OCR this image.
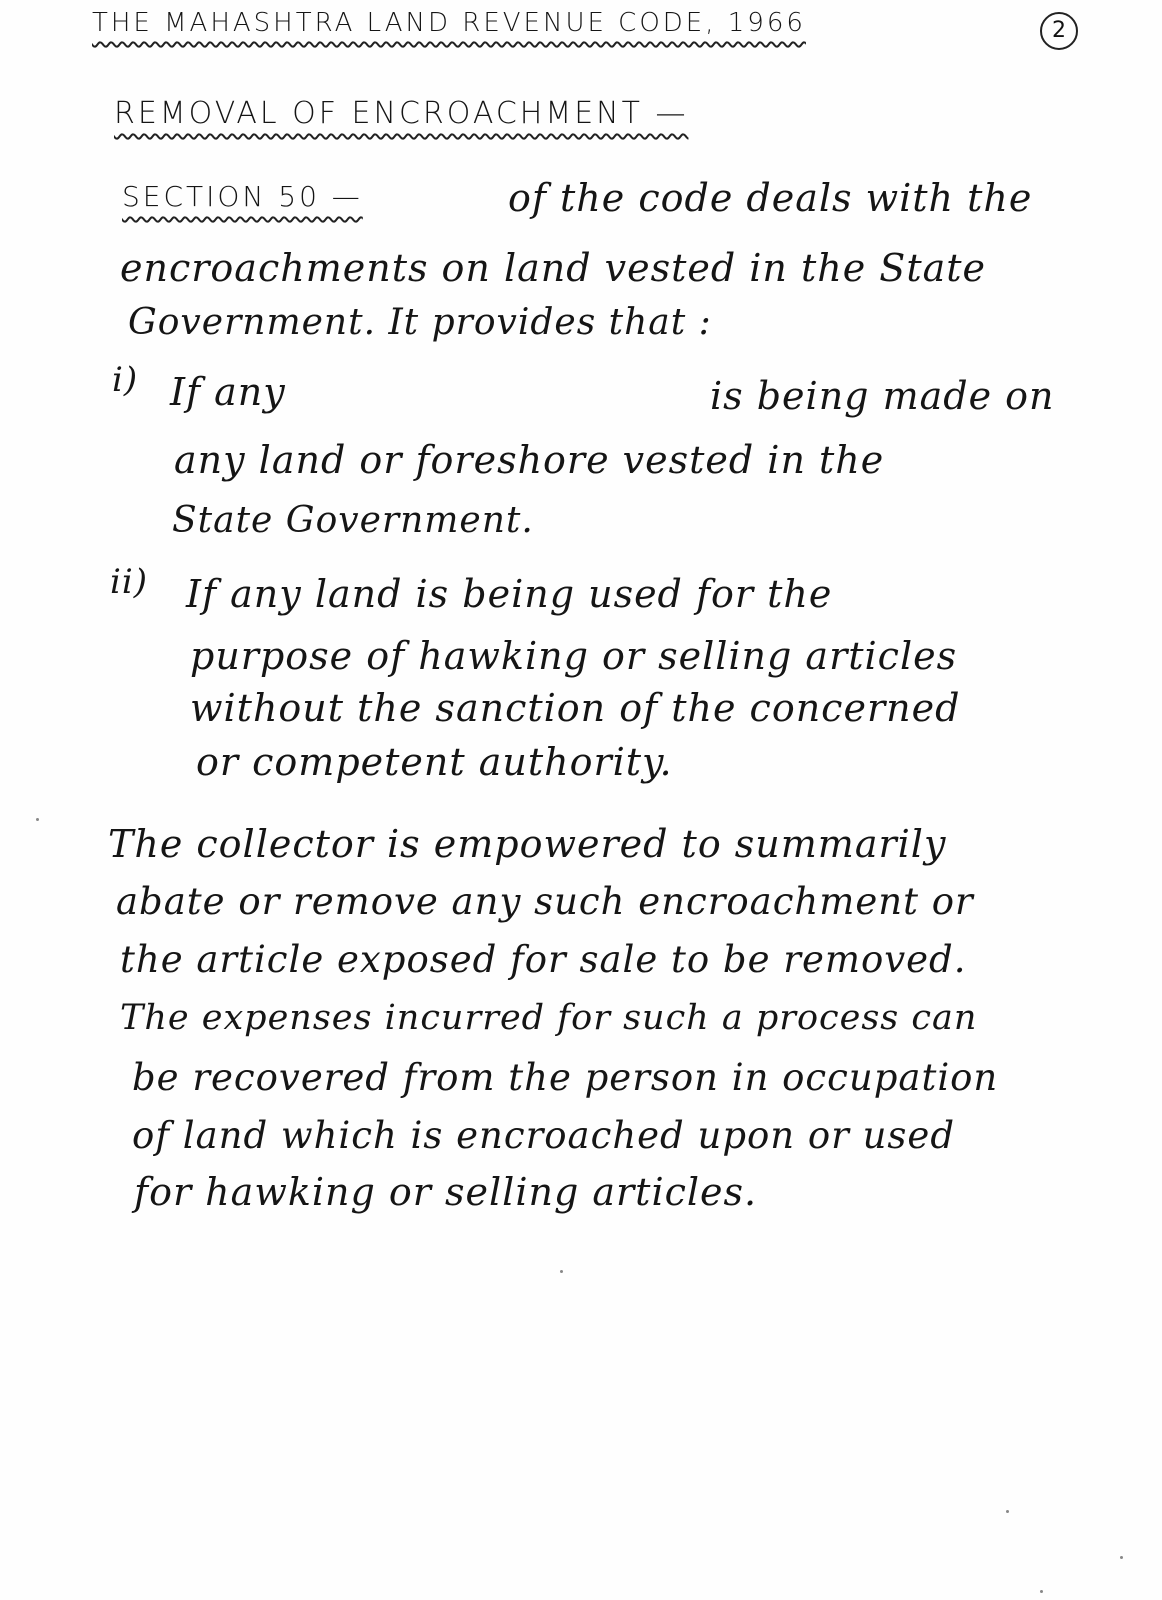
THE MAHASHTRA LAND REVENUE CODE, 1966	2
REMOVAL OF ENCROACHMENT —
SECTION 50 —	of the code deals with the
encroachments on land vested in the State
Government. It provides that :
i) If any	is being made on
any land or foreshore vested in the
State Government.
ii) If any land is being used for the
purpose of hawking or selling articles
without the sanction of the concerned
or competent authority.
The collector is empowered to summarily
abate or remove any such encroachment or
the article exposed for sale to be removed.
The expenses incurred for such a process can
be recovered from the person in occupation
of land which is encroached upon or used
for hawking or selling articles.
